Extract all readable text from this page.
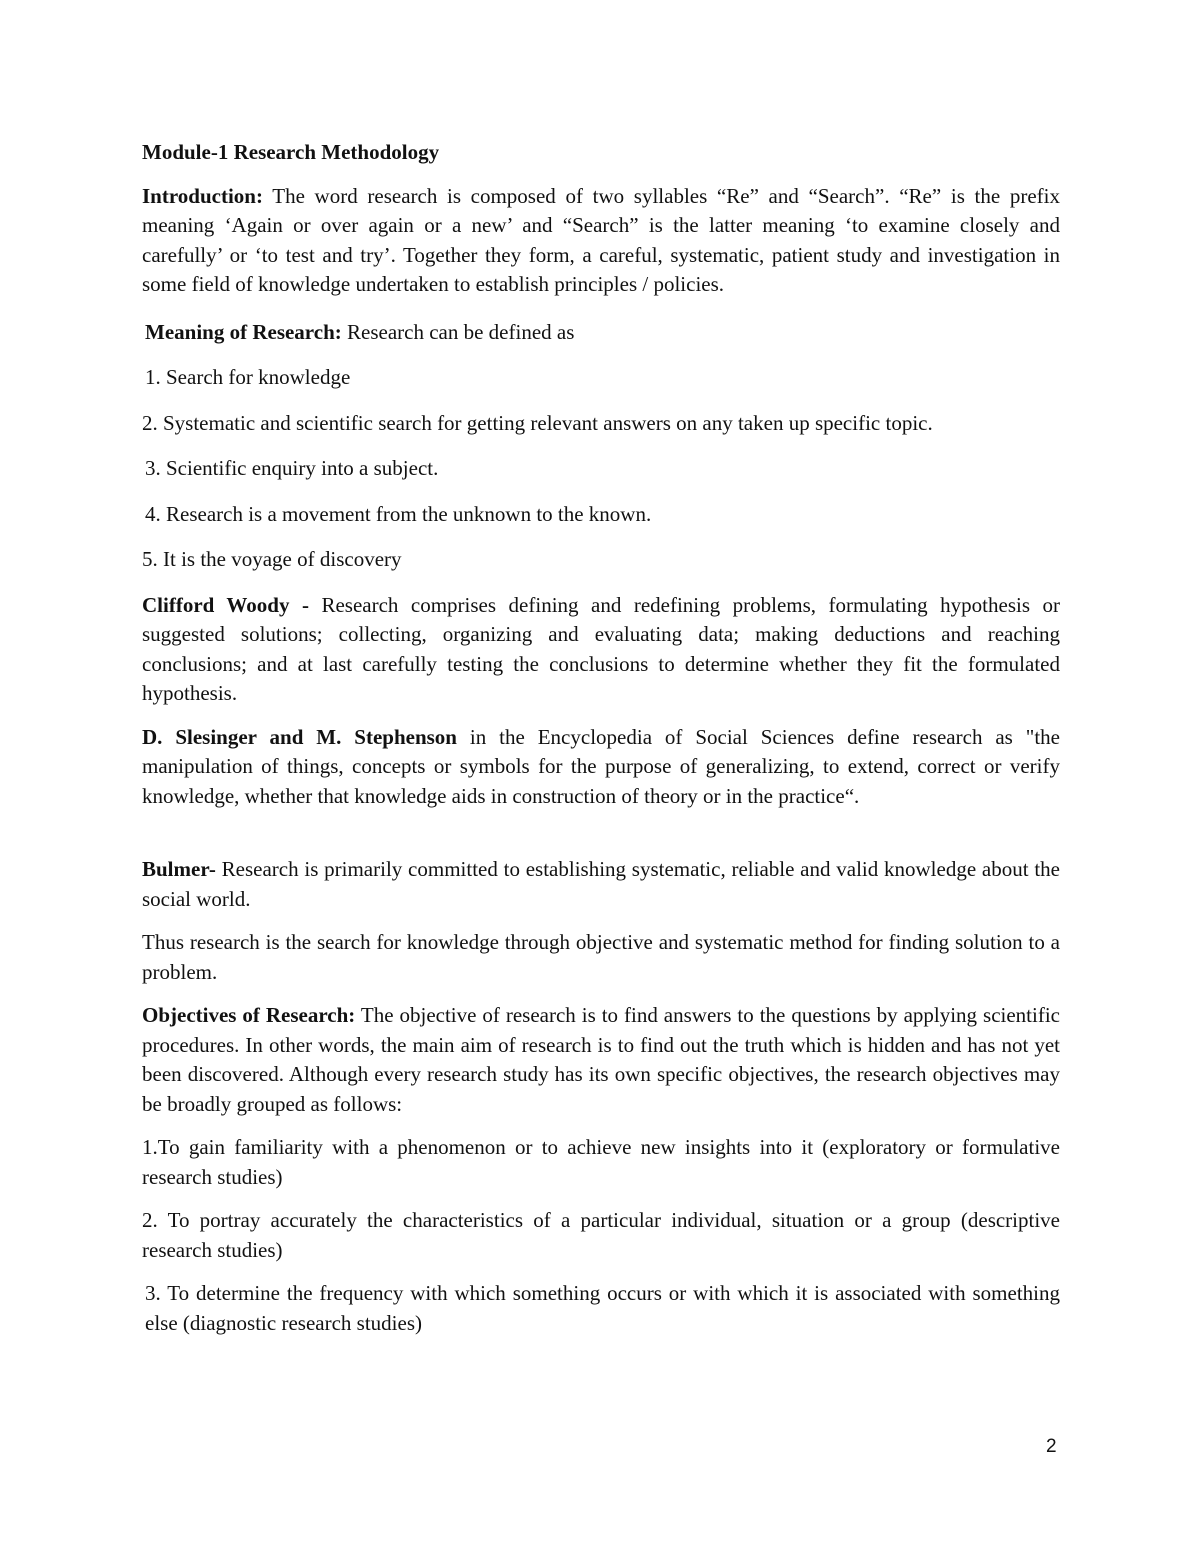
Module-1 Research Methodology

Introduction: The word research is composed of two syllables “Re” and “Search”. “Re” is the prefix meaning ‘Again or over again or a new’ and “Search” is the latter meaning ‘to examine closely and carefully’ or ‘to test and try’. Together they form, a careful, systematic, patient study and investigation in some field of knowledge undertaken to establish principles / policies.

Meaning of Research: Research can be defined as

1. Search for knowledge

2. Systematic and scientific search for getting relevant answers on any taken up specific topic.

3. Scientific enquiry into a subject.

4. Research is a movement from the unknown to the known.

5. It is the voyage of discovery

Clifford Woody - Research comprises defining and redefining problems, formulating hypothesis or suggested solutions; collecting, organizing and evaluating data; making deductions and reaching conclusions; and at last carefully testing the conclusions to determine whether they fit the formulated hypothesis.

D. Slesinger and M. Stephenson in the Encyclopedia of Social Sciences define research as "the manipulation of things, concepts or symbols for the purpose of generalizing, to extend, correct or verify knowledge, whether that knowledge aids in construction of theory or in the practice“.

Bulmer- Research is primarily committed to establishing systematic, reliable and valid knowledge about the social world.

Thus research is the search for knowledge through objective and systematic method for finding solution to a problem.

Objectives of Research: The objective of research is to find answers to the questions by applying scientific procedures. In other words, the main aim of research is to find out the truth which is hidden and has not yet been discovered. Although every research study has its own specific objectives, the research objectives may be broadly grouped as follows:

1.To gain familiarity with a phenomenon or to achieve new insights into it (exploratory or formulative research studies)

2. To portray accurately the characteristics of a particular individual, situation or a group (descriptive research studies)

3. To determine the frequency with which something occurs or with which it is associated with something else (diagnostic research studies)

2
